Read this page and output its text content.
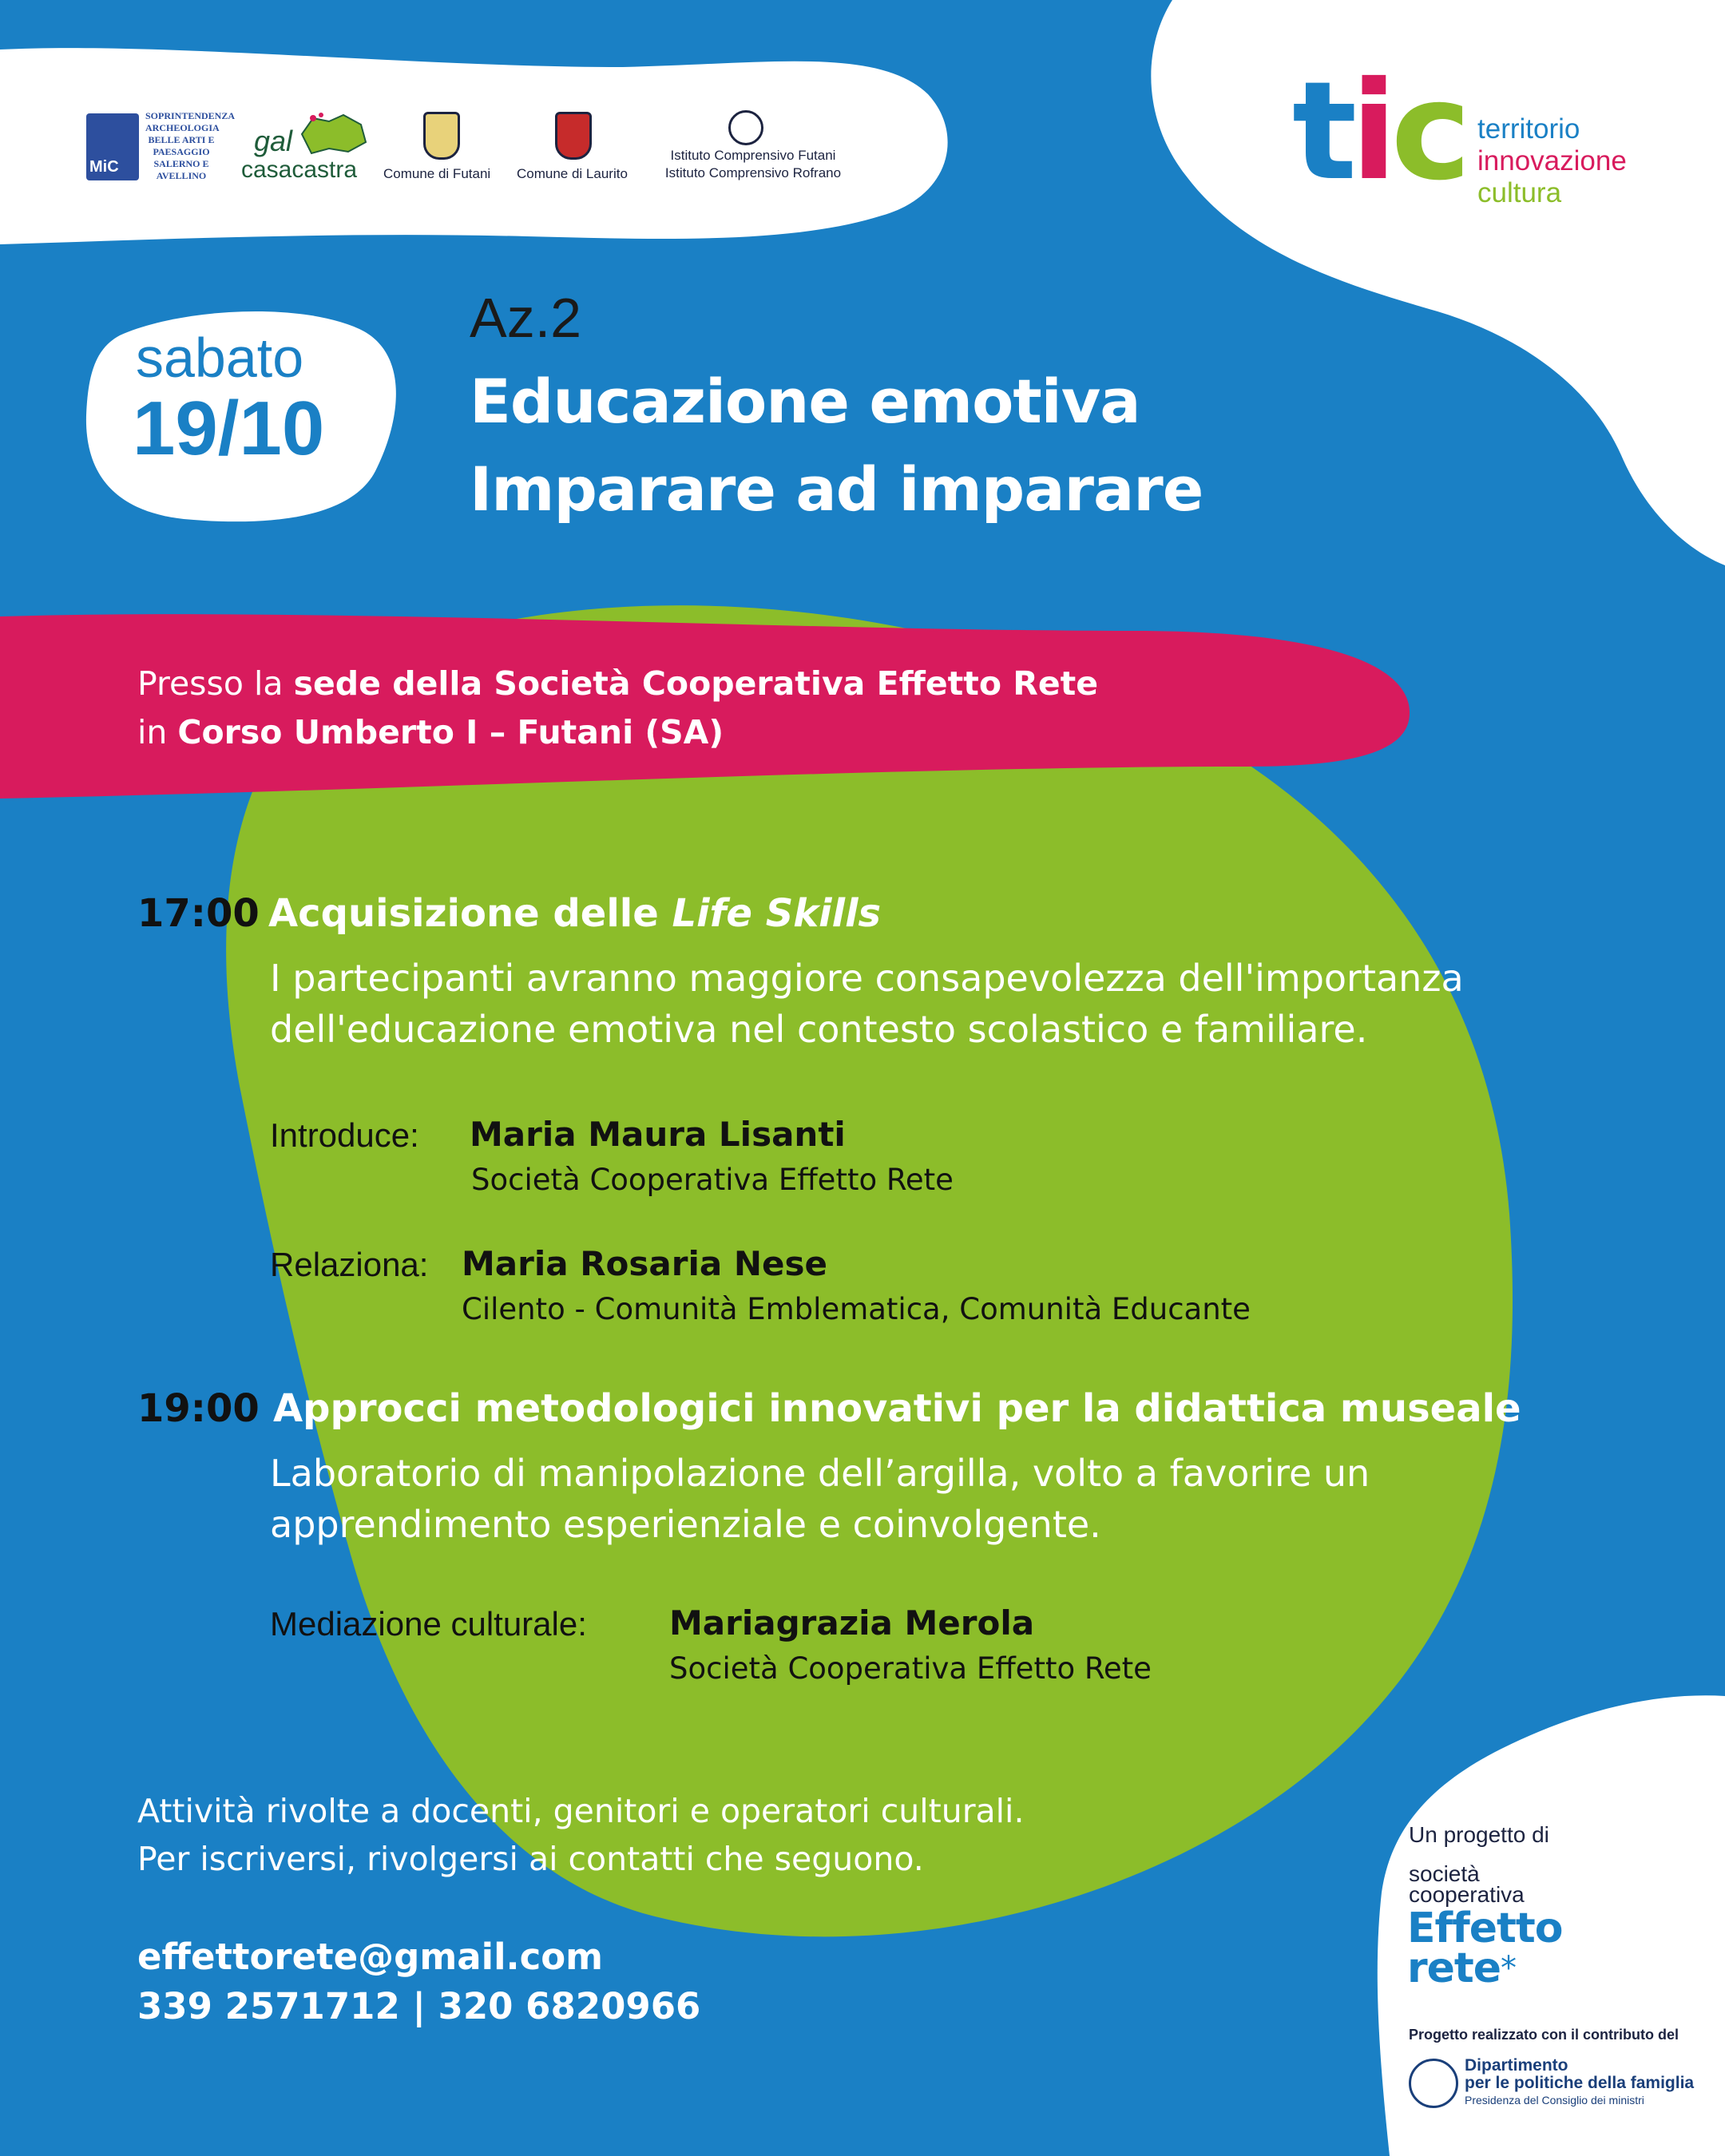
MiC
SOPRINTENDENZA ARCHEOLOGIA BELLE ARTI E PAESAGGIO SALERNO E AVELLINO
gal
casacastra Comune di Futani Comune di Laurito
Istituto Comprensivo Futani
Istituto Comprensivo Rofrano	tic territorio
innovazione
cultura
sabato
19/10
Az.2
Educazione emotiva
Imparare ad imparare
Presso la sede della Società Cooperativa Effetto Rete
in Corso Umberto I – Futani (SA)
17:00 Acquisizione delle Life Skills
I partecipanti avranno maggiore consapevolezza dell'importanza
dell'educazione emotiva nel contesto scolastico e familiare.
Introduce: Maria Maura Lisanti
Società Cooperativa Effetto Rete
Relaziona: Maria Rosaria Nese
Cilento - Comunità Emblematica, Comunità Educante
19:00 Approcci metodologici innovativi per la didattica museale
Laboratorio di manipolazione dell’argilla, volto a favorire un
apprendimento esperienziale e coinvolgente.
Mediazione culturale: Mariagrazia Merola
Società Cooperativa Effetto Rete
Attività rivolte a docenti, genitori e operatori culturali.
Per iscriversi, rivolgersi ai contatti che seguono.
effettorete@gmail.com
339 2571712 | 320 6820966
Un progetto di
società
cooperativa
Effetto
rete*
Progetto realizzato con il contributo del
Dipartimento
per le politiche della famiglia
Presidenza del Consiglio dei ministri
